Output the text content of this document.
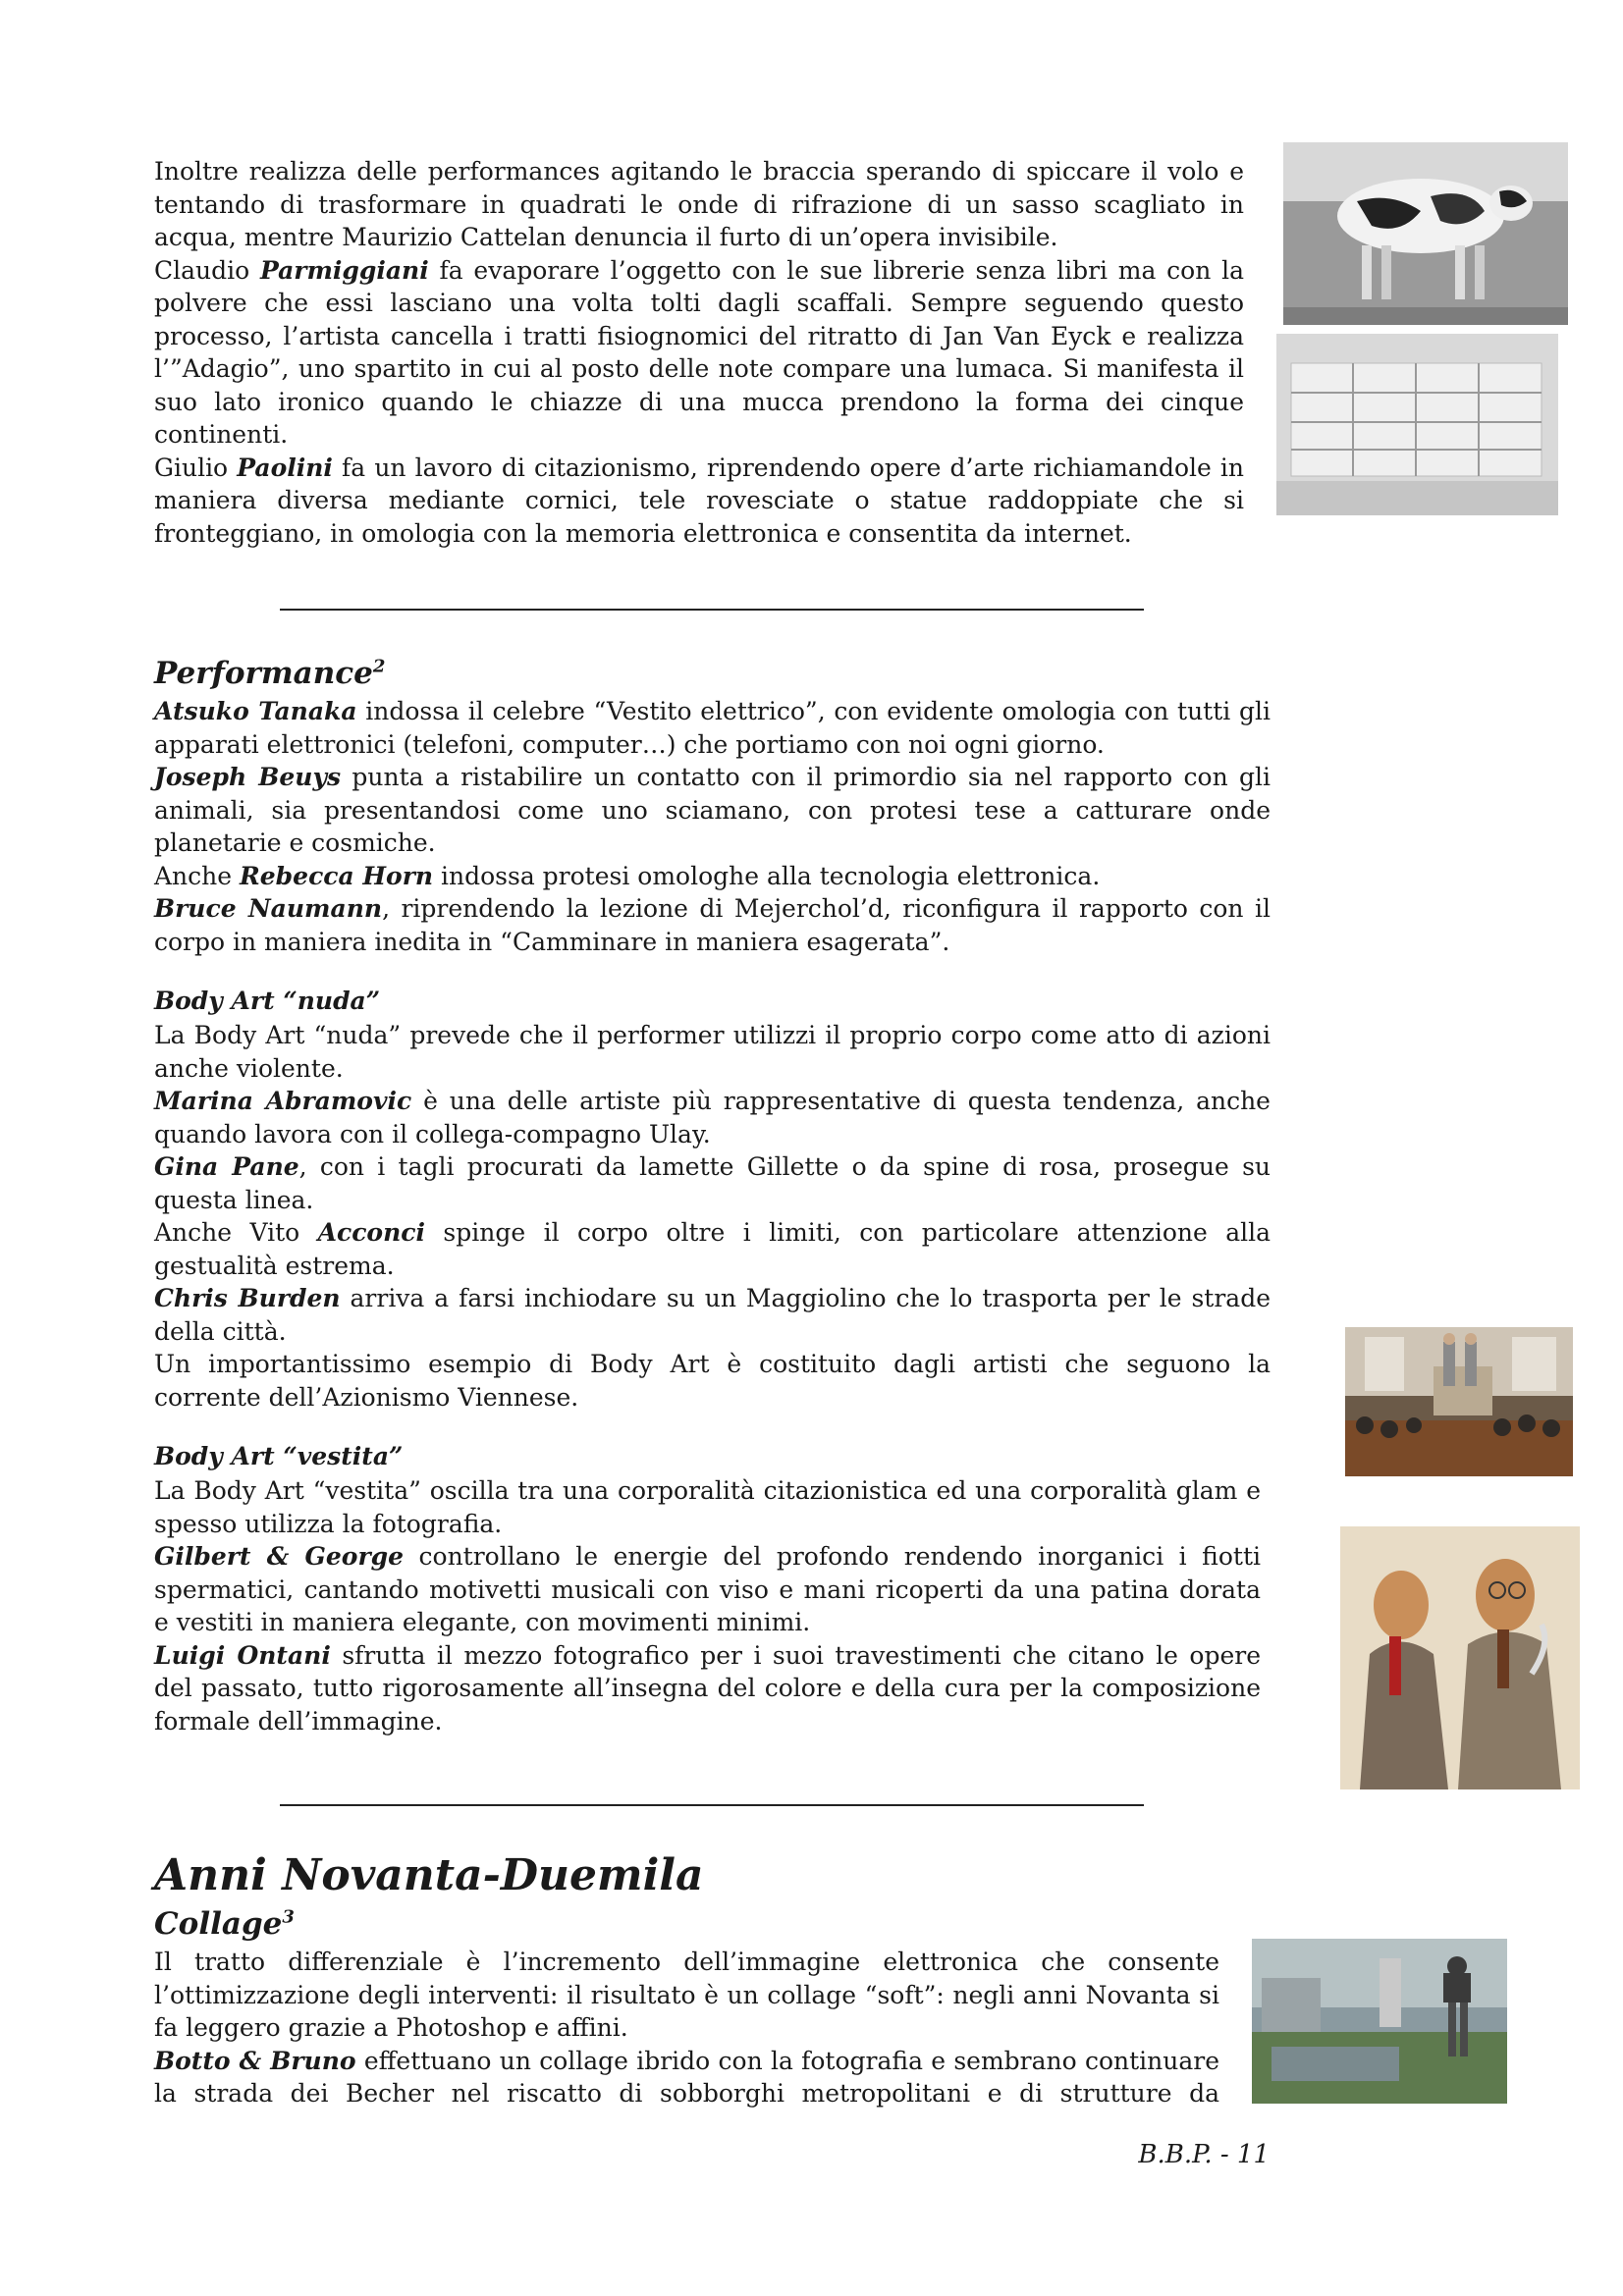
Inoltre realizza delle performances agitando le braccia sperando di spiccare il volo e
tentando di trasformare in quadrati le onde di rifrazione di un sasso scagliato in
acqua, mentre Maurizio Cattelan denuncia il furto di un’opera invisibile.
Claudio Parmiggiani fa evaporare l’oggetto con le sue librerie senza libri ma con la
polvere che essi lasciano una volta tolti dagli scaffali. Sempre seguendo questo
processo, l’artista cancella i tratti fisiognomici del ritratto di Jan Van Eyck e realizza
l’”Adagio”, uno spartito in cui al posto delle note compare una lumaca. Si manifesta il
suo lato ironico quando le chiazze di una mucca prendono la forma dei cinque
continenti.
Giulio Paolini fa un lavoro di citazionismo, riprendendo opere d’arte richiamandole in
maniera diversa mediante cornici, tele rovesciate o statue raddoppiate che si
fronteggiano, in omologia con la memoria elettronica e consentita da internet.
Performance$^2$
Atsuko Tanaka indossa il celebre “Vestito elettrico”, con evidente omologia con tutti gli
apparati elettronici (telefoni, computer…) che portiamo con noi ogni giorno.
Joseph Beuys punta a ristabilire un contatto con il primordio sia nel rapporto con gli
animali, sia presentandosi come uno sciamano, con protesi tese a catturare onde
planetarie e cosmiche.
Anche Rebecca Horn indossa protesi omologhe alla tecnologia elettronica.
Bruce Naumann, riprendendo la lezione di Mejerchol’d, riconfigura il rapporto con il
corpo in maniera inedita in “Camminare in maniera esagerata”.
Body Art “nuda”
La Body Art “nuda” prevede che il performer utilizzi il proprio corpo come atto di azioni
anche violente.
Marina Abramovic è una delle artiste più rappresentative di questa tendenza, anche
quando lavora con il collega-compagno Ulay.
Gina Pane, con i tagli procurati da lamette Gillette o da spine di rosa, prosegue su
questa linea.
Anche Vito Acconci spinge il corpo oltre i limiti, con particolare attenzione alla
gestualità estrema.
Chris Burden arriva a farsi inchiodare su un Maggiolino che lo trasporta per le strade
della città.
Un importantissimo esempio di Body Art è costituito dagli artisti che seguono la
corrente dell’Azionismo Viennese.
Body Art “vestita”
La Body Art “vestita” oscilla tra una corporalità citazionistica ed una corporalità glam e
spesso utilizza la fotografia.
Gilbert & George controllano le energie del profondo rendendo inorganici i fiotti
spermatici, cantando motivetti musicali con viso e mani ricoperti da una patina dorata
e vestiti in maniera elegante, con movimenti minimi.
Luigi Ontani sfrutta il mezzo fotografico per i suoi travestimenti che citano le opere
del passato, tutto rigorosamente all’insegna del colore e della cura per la composizione
formale dell’immagine.
Anni Novanta-Duemila
Collage$^3$
Il tratto differenziale è l’incremento dell’immagine elettronica che consente
l’ottimizzazione degli interventi: il risultato è un collage “soft”: negli anni Novanta si
fa leggero grazie a Photoshop e affini.
Botto & Bruno effettuano un collage ibrido con la fotografia e sembrano continuare
la strada dei Becher nel riscatto di sobborghi metropolitani e di strutture da
B.B.P. - 11
